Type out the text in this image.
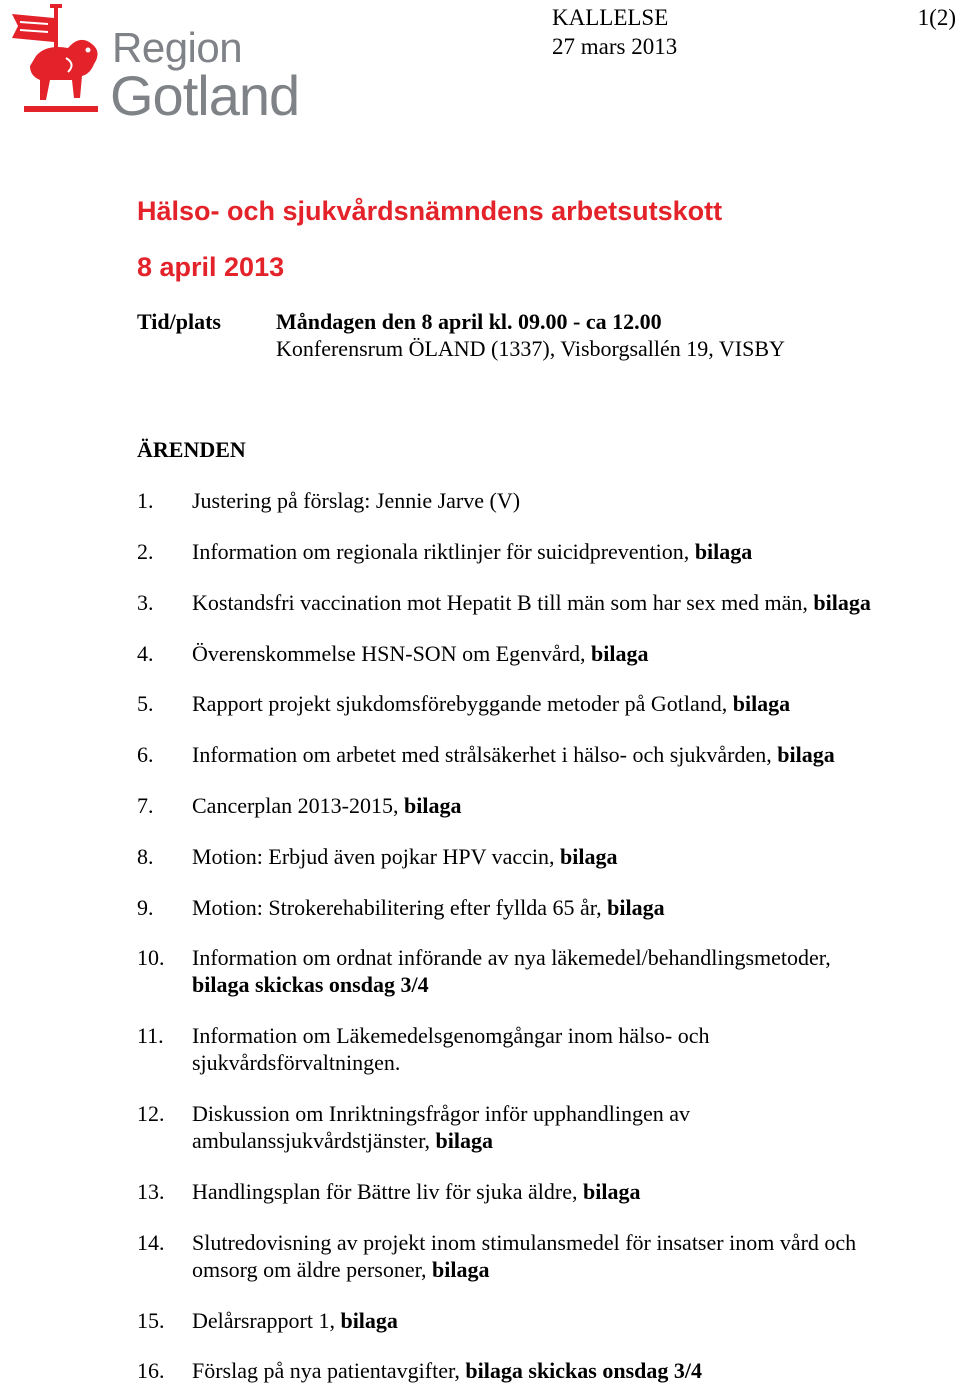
Region
Gotland
KALLELSE	1(2)
27 mars 2013
Hälso- och sjukvårdsnämndens arbetsutskott
8 april 2013
Tid/plats	Måndagen den 8 april kl. 09.00 - ca 12.00
Konferensrum ÖLAND (1337), Visborgsallén 19, VISBY
ÄRENDEN
1. Justering på förslag: Jennie Jarve (V)
2. Information om regionala riktlinjer för suicidprevention, bilaga
3. Kostandsfri vaccination mot Hepatit B till män som har sex med män, bilaga
4. Överenskommelse HSN-SON om Egenvård, bilaga
5. Rapport projekt sjukdomsförebyggande metoder på Gotland, bilaga
6. Information om arbetet med strålsäkerhet i hälso- och sjukvården, bilaga
7. Cancerplan 2013-2015, bilaga
8. Motion: Erbjud även pojkar HPV vaccin, bilaga
9. Motion: Strokerehabilitering efter fyllda 65 år, bilaga
10. Information om ordnat införande av nya läkemedel/behandlingsmetoder, bilaga skickas onsdag 3/4
11. Information om Läkemedelsgenomgångar inom hälso- och sjukvårdsförvaltningen.
12. Diskussion om Inriktningsfrågor inför upphandlingen av ambulanssjukvårdstjänster, bilaga
13. Handlingsplan för Bättre liv för sjuka äldre, bilaga
14. Slutredovisning av projekt inom stimulansmedel för insatser inom vård och omsorg om äldre personer, bilaga
15. Delårsrapport 1, bilaga
16. Förslag på nya patientavgifter, bilaga skickas onsdag 3/4
